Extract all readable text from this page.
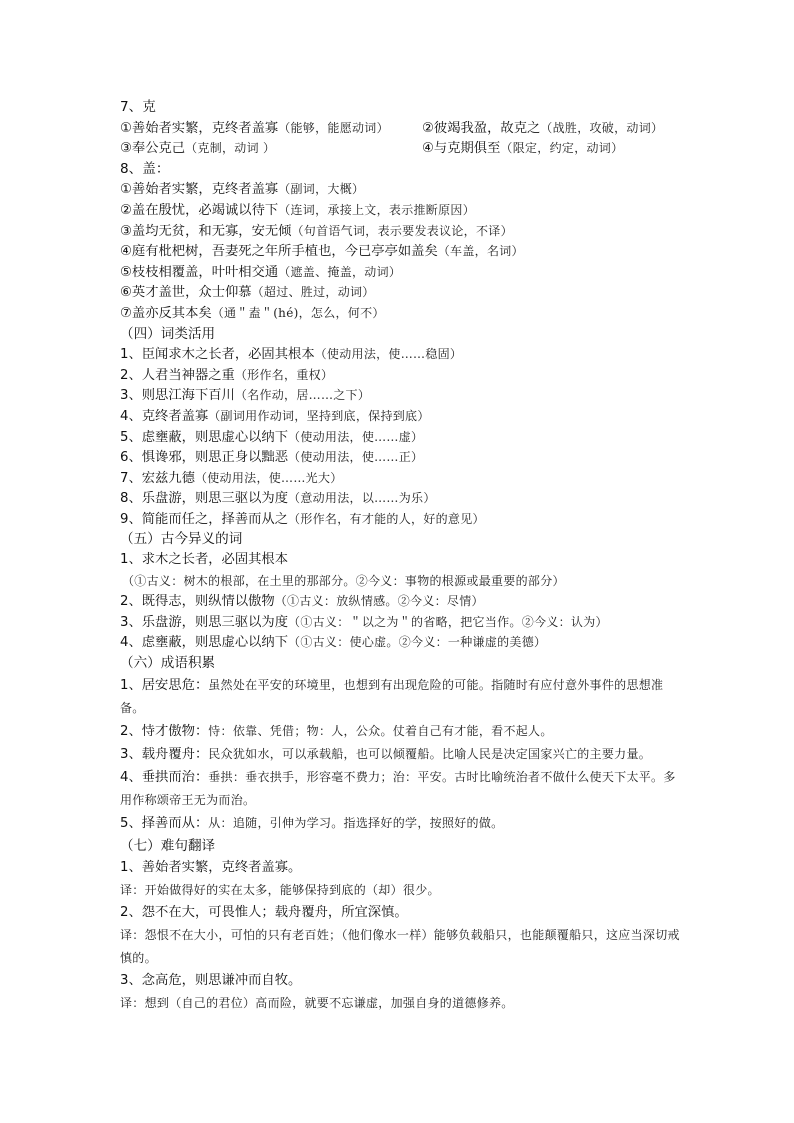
7、克
①善始者实繁，克终者盖寡（能够，能愿动词） ②彼竭我盈，故克之（战胜，攻破，动词）
③奉公克己（克制，动词 ）	④与克期俱至（限定，约定，动词）
8、盖：
①善始者实繁，克终者盖寡（副词，大概）
②盖在殷忧，必竭诚以待下（连词，承接上文，表示推断原因）
③盖均无贫，和无寡，安无倾（句首语气词，表示要发表议论，不译）
④庭有枇杷树，吾妻死之年所手植也，今已亭亭如盖矣（车盖，名词）
⑤枝枝相覆盖，叶叶相交通（遮盖、掩盖，动词）
⑥英才盖世，众士仰慕（超过、胜过，动词）
⑦盖亦反其本矣（通＂盍＂(hé)，怎么，何不）
（四）词类活用
1、臣闻求木之长者，必固其根本（使动用法，使……稳固）
2、人君当神器之重（形作名，重权）
3、则思江海下百川（名作动，居……之下）
4、克终者盖寡（副词用作动词，坚持到底，保持到底）
5、虑壅蔽，则思虚心以纳下（使动用法，使……虚）
6、惧谗邪，则思正身以黜恶（使动用法，使……正）
7、宏兹九德（使动用法，使……光大）
8、乐盘游，则思三驱以为度（意动用法，以……为乐）
9、简能而任之，择善而从之（形作名，有才能的人，好的意见）
（五）古今异义的词
1、求木之长者，必固其根本
（①古义：树木的根部，在土里的那部分。②今义：事物的根源或最重要的部分）
2、既得志，则纵情以傲物（①古义：放纵情感。②今义：尽情）
3、乐盘游，则思三驱以为度（①古义：＂以之为＂的省略，把它当作。②今义：认为）
4、虑壅蔽，则思虚心以纳下（①古义：使心虚。②今义：一种谦虚的美德）
（六）成语积累
1、居安思危：虽然处在平安的环境里，也想到有出现危险的可能。指随时有应付意外事件的思想准备。
2、恃才傲物：恃：依靠、凭借；物：人，公众。仗着自己有才能，看不起人。
3、载舟覆舟：民众犹如水，可以承载船，也可以倾覆船。比喻人民是决定国家兴亡的主要力量。
4、垂拱而治：垂拱：垂衣拱手，形容毫不费力；治：平安。古时比喻统治者不做什么使天下太平。多用作称颂帝王无为而治。
5、择善而从：从：追随，引伸为学习。指选择好的学，按照好的做。
（七）难句翻译
1、善始者实繁，克终者盖寡。
译：开始做得好的实在太多，能够保持到底的（却）很少。
2、怨不在大，可畏惟人；载舟覆舟，所宜深慎。
译：怨恨不在大小，可怕的只有老百姓；（他们像水一样）能够负载船只，也能颠覆船只，这应当深切戒慎的。
3、念高危，则思谦冲而自牧。
译：想到（自己的君位）高而险，就要不忘谦虚，加强自身的道德修养。
